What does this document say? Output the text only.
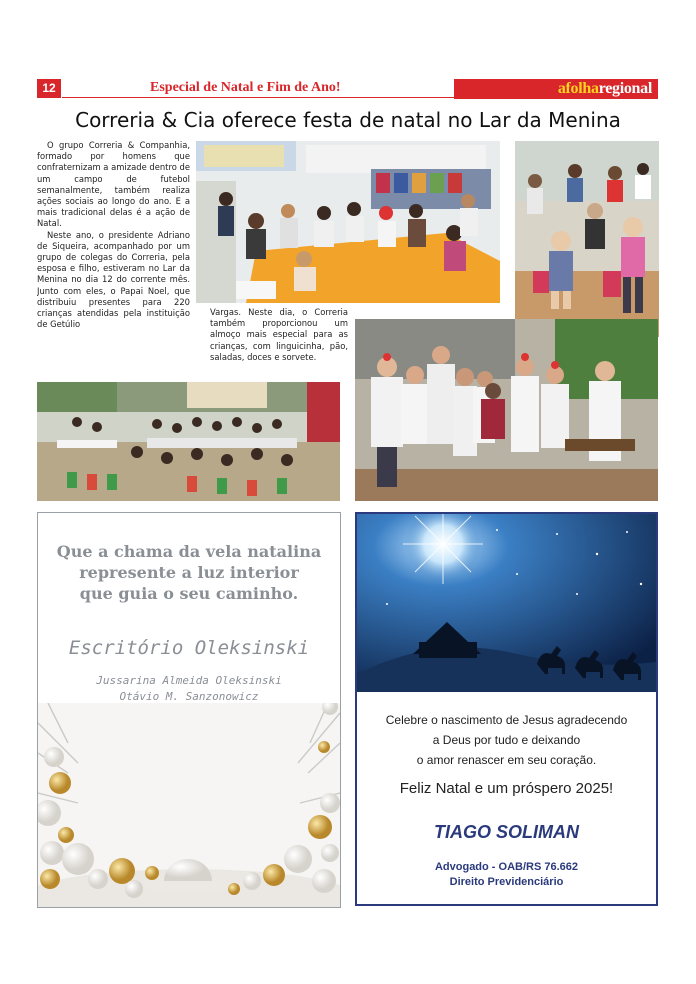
12	Especial de Natal e Fim de Ano!	afolharegional
Correria & Cia oferece festa de natal no Lar da Menina

O grupo Correria & Companhia, formado por homens que confraternizam a amizade dentro de um campo de futebol semanalmente, também realiza ações sociais ao longo do ano. E a mais tradicional delas é a ação de Natal.

Neste ano, o presidente Adriano de Siqueira, acompanhado por um grupo de colegas do Correria, pela esposa e filho, estiveram no Lar da Menina no dia 12 do corrente mês. Junto com eles, o Papai Noel, que distribuiu presentes para 220 crianças atendidas pela instituição de Getúlio

Vargas. Neste dia, o Correria também proporcionou um almoço mais especial para as crianças, com linguicinha, pão, saladas, doces e sorvete.

Que a chama da vela natalina
represente a luz interior
que guia o seu caminho.
Escritório Oleksinski
Jussarina Almeida Oleksinski
Otávio M. Sanzonowicz
Celebre o nascimento de Jesus agradecendo
a Deus por tudo e deixando
o amor renascer em seu coração.
Feliz Natal e um próspero 2025!
TIAGO SOLIMAN
Advogado - OAB/RS 76.662
Direito Previdenciário
